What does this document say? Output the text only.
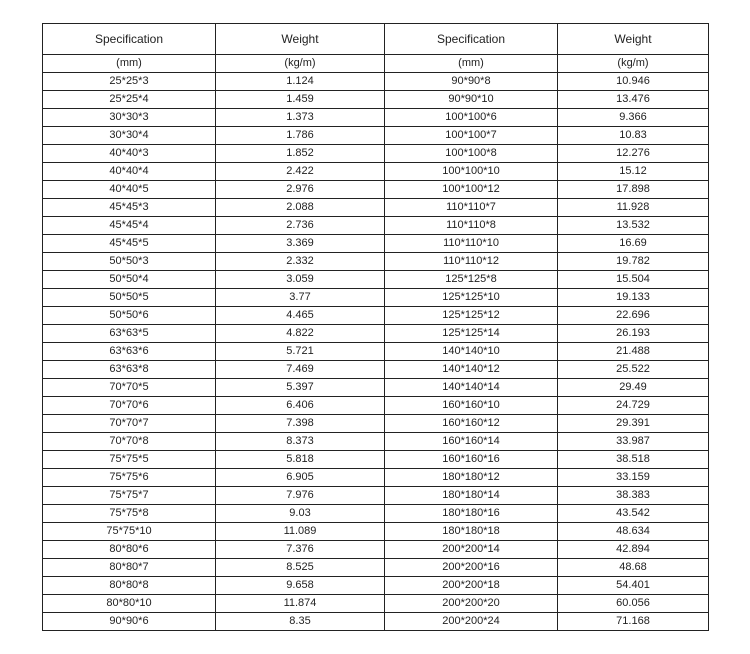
Specification	Weight	Specification	Weight
(mm)	(kg/m)	(mm)	(kg/m)
25*25*3	1.124	90*90*8	10.946
25*25*4	1.459	90*90*10	13.476
30*30*3	1.373	100*100*6	9.366
30*30*4	1.786	100*100*7	10.83
40*40*3	1.852	100*100*8	12.276
40*40*4	2.422	100*100*10	15.12
40*40*5	2.976	100*100*12	17.898
45*45*3	2.088	110*110*7	11.928
45*45*4	2.736	110*110*8	13.532
45*45*5	3.369	110*110*10	16.69
50*50*3	2.332	110*110*12	19.782
50*50*4	3.059	125*125*8	15.504
50*50*5	3.77	125*125*10	19.133
50*50*6	4.465	125*125*12	22.696
63*63*5	4.822	125*125*14	26.193
63*63*6	5.721	140*140*10	21.488
63*63*8	7.469	140*140*12	25.522
70*70*5	5.397	140*140*14	29.49
70*70*6	6.406	160*160*10	24.729
70*70*7	7.398	160*160*12	29.391
70*70*8	8.373	160*160*14	33.987
75*75*5	5.818	160*160*16	38.518
75*75*6	6.905	180*180*12	33.159
75*75*7	7.976	180*180*14	38.383
75*75*8	9.03	180*180*16	43.542
75*75*10	11.089	180*180*18	48.634
80*80*6	7.376	200*200*14	42.894
80*80*7	8.525	200*200*16	48.68
80*80*8	9.658	200*200*18	54.401
80*80*10	11.874	200*200*20	60.056
90*90*6	8.35	200*200*24	71.168
